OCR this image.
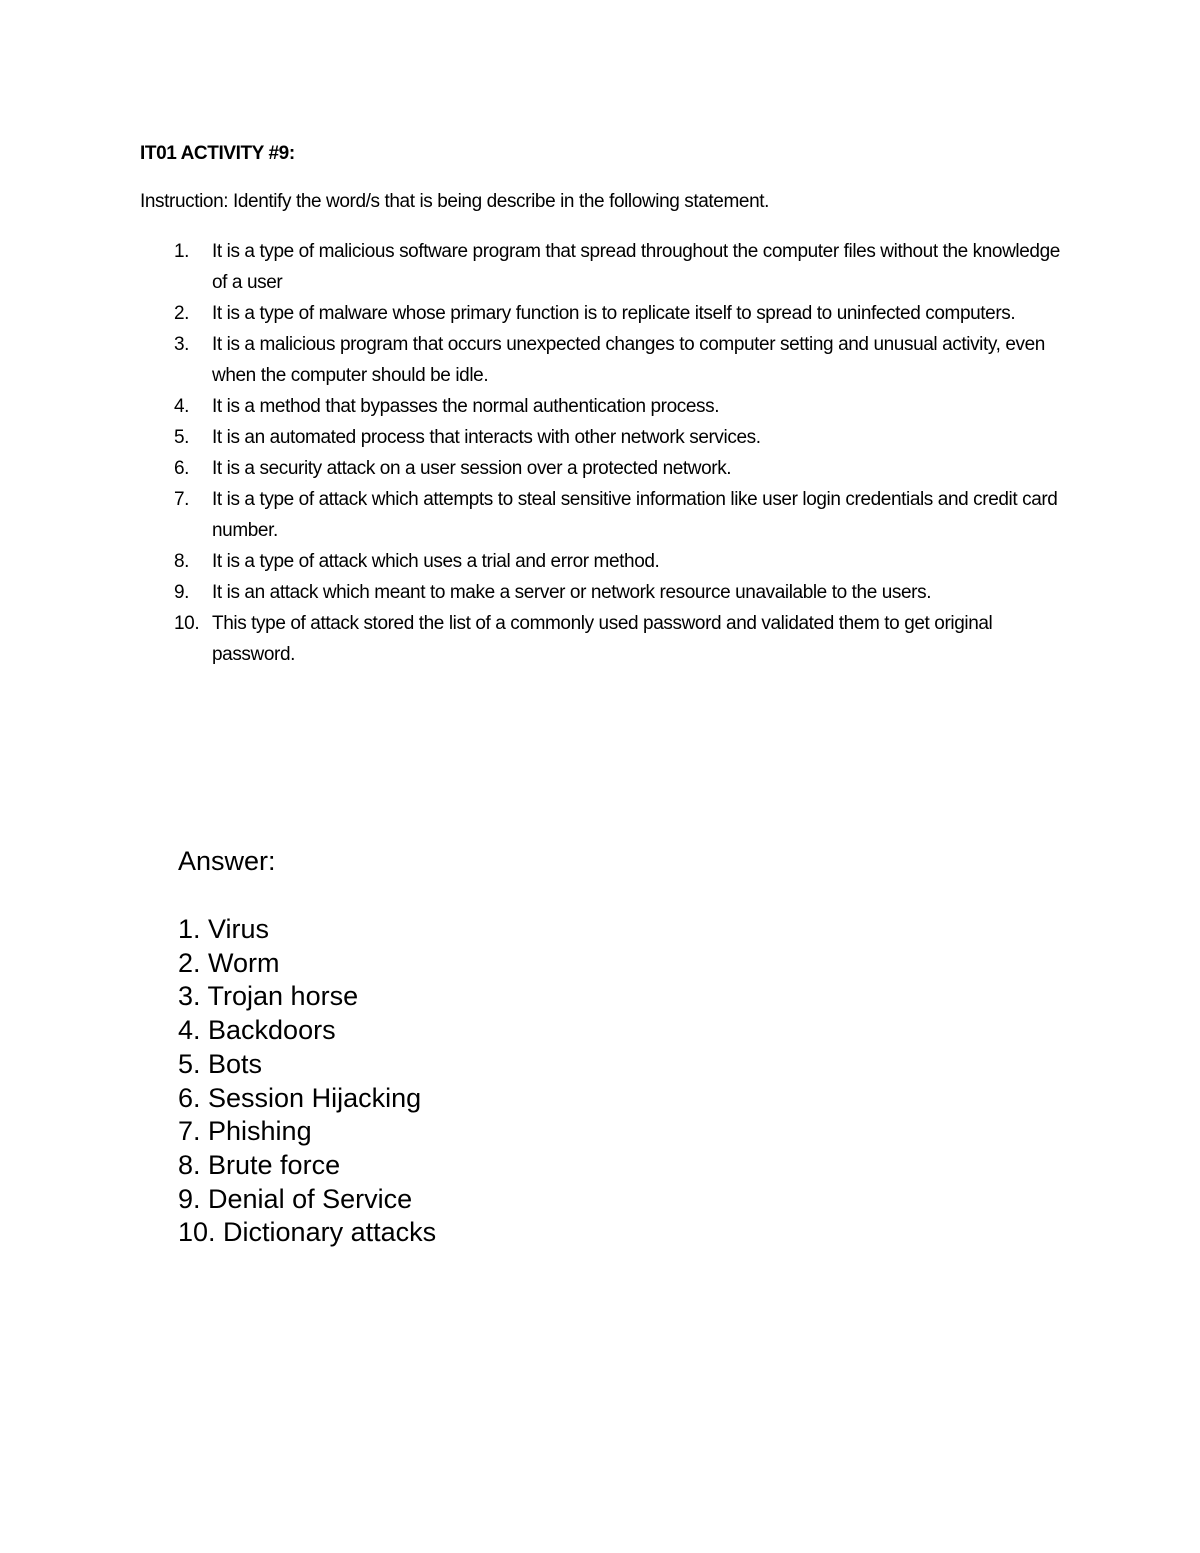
IT01 ACTIVITY #9:
Instruction: Identify the word/s that is being describe in the following statement.
1.	It is a type of malicious software program that spread throughout the computer files without the knowledge of a user
2.	It is a type of malware whose primary function is to replicate itself to spread to uninfected computers.
3.	It is a malicious program that occurs unexpected changes to computer setting and unusual activity, even when the computer should be idle.
4.	It is a method that bypasses the normal authentication process.
5.	It is an automated process that interacts with other network services.
6.	It is a security attack on a user session over a protected network.
7.	It is a type of attack which attempts to steal sensitive information like user login credentials and credit card number.
8.	It is a type of attack which uses a trial and error method.
9.	It is an attack which meant to make a server or network resource unavailable to the users.
10. This type of attack stored the list of a commonly used password and validated them to get original password.
Answer:
1. Virus
2. Worm
3. Trojan horse
4. Backdoors
5. Bots
6. Session Hijacking
7. Phishing
8. Brute force
9. Denial of Service
10. Dictionary attacks
